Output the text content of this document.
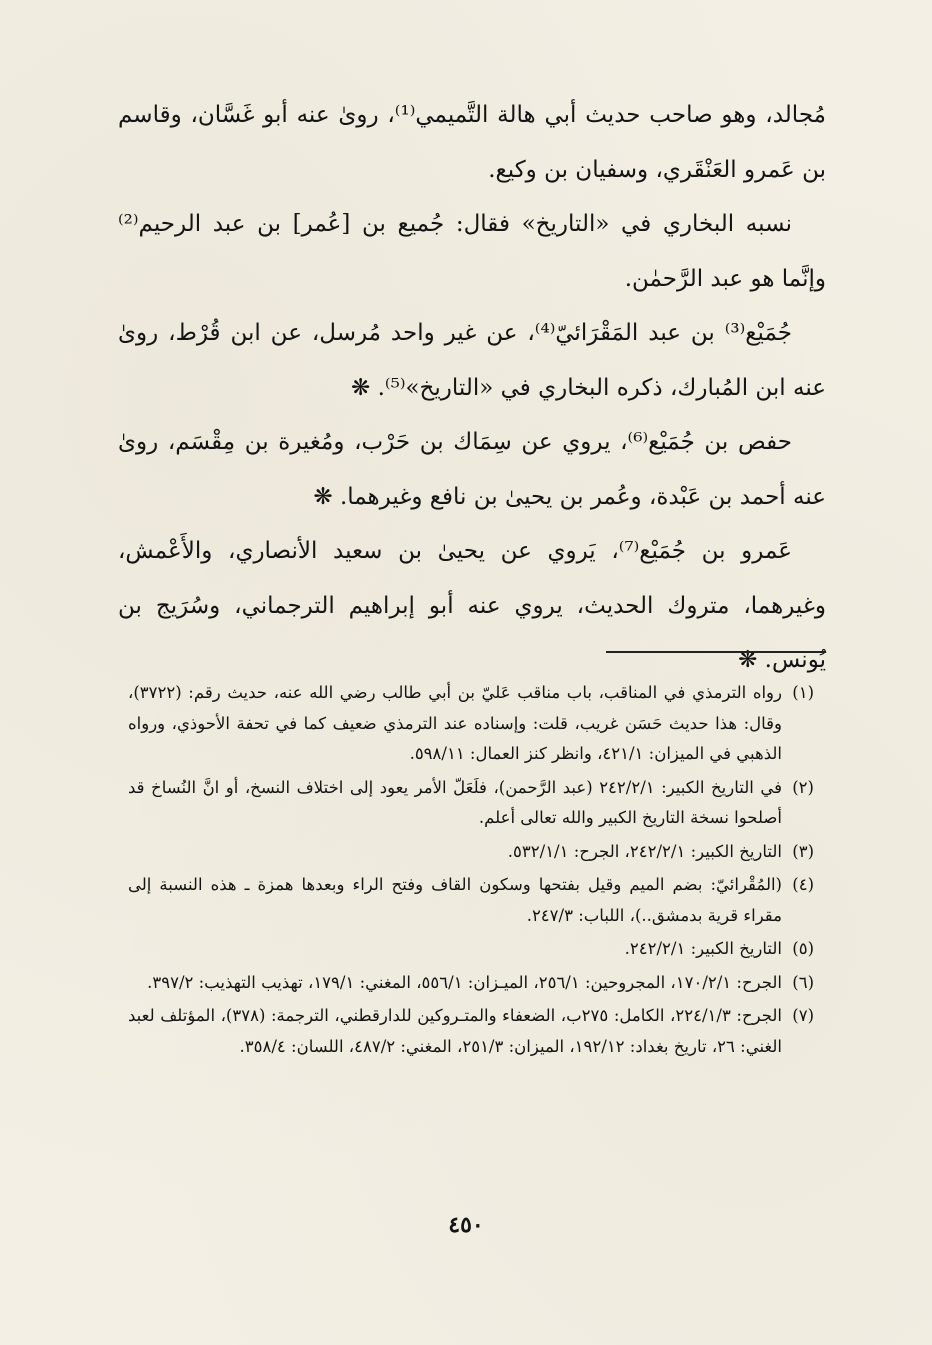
مُجالد، وهو صاحب حديث أبي هالة التَّميمي⁽¹⁾، روىٰ عنه أبو غَسَّان، وقاسم بن عَمرو العَنْقَري، وسفيان بن وكيع.

نسبه البخاري في «التاريخ» فقال: جُميع بن [عُمر] بن عبد الرحيم⁽²⁾ وإنَّما هو عبد الرَّحمٰن.

جُمَيْع⁽³⁾ بن عبد المَقْرَائيّ⁽⁴⁾، عن غير واحد مُرسل، عن ابن قُرْط، روىٰ عنه ابن المُبارك، ذكره البخاري في «التاريخ»⁽⁵⁾. ❋

حفص بن جُمَيْع⁽⁶⁾، يروي عن سِمَاك بن حَرْب، ومُغيرة بن مِقْسَم، روىٰ عنه أحمد بن عَبْدة، وعُمر بن يحيىٰ بن نافع وغيرهما. ❋

عَمرو بن جُمَيْع⁽⁷⁾، يَروي عن يحيىٰ بن سعيد الأنصاري، والأَعْمش، وغيرهما، متروك الحديث، يروي عنه أبو إبراهيم الترجماني، وسُرَيج بن يُونس. ❋

(١)رواه الترمذي في المناقب، باب مناقب عَليّ بن أبي طالب رضي الله عنه، حديث رقم: (٣٧٢٢)، وقال: هذا حديث حَسَن غريب، قلت: وإسناده عند الترمذي ضعيف كما في تحفة الأحوذي، ورواه الذهبي في الميزان: ٤٢١/١، وانظر كنز العمال: ٥٩٨/١١.

(٢)في التاريخ الكبير: ٢٤٢/٢/١ (عبد الرَّحمن)، فلَعَلّ الأمر يعود إلى اختلاف النسخ، أو انَّ النُساخ قد أصلحوا نسخة التاريخ الكبير والله تعالى أعلم.

(٣)التاريخ الكبير: ٢٤٢/٢/١، الجرح: ٥٣٢/١/١.

(٤)(المُقْرائيّ: بضم الميم وقيل بفتحها وسكون القاف وفتح الراء وبعدها همزة ـ هذه النسبة إلى مقراء قرية بدمشق..)، اللباب: ٢٤٧/٣.

(٥)التاريخ الكبير: ٢٤٢/٢/١.

(٦)الجرح: ١٧٠/٢/١، المجروحين: ٢٥٦/١، الميـزان: ٥٥٦/١، المغني: ١٧٩/١، تهذيب التهذيب: ٣٩٧/٢.

(٧)الجرح: ٢٢٤/١/٣، الكامل: ٢٧٥ب، الضعفاء والمتـروكين للدارقطني، الترجمة: (٣٧٨)، المؤتلف لعبد الغني: ٢٦، تاريخ بغداد: ١٩٢/١٢، الميزان: ٢٥١/٣، المغني: ٤٨٧/٢، اللسان: ٣٥٨/٤.

٤٥٠
